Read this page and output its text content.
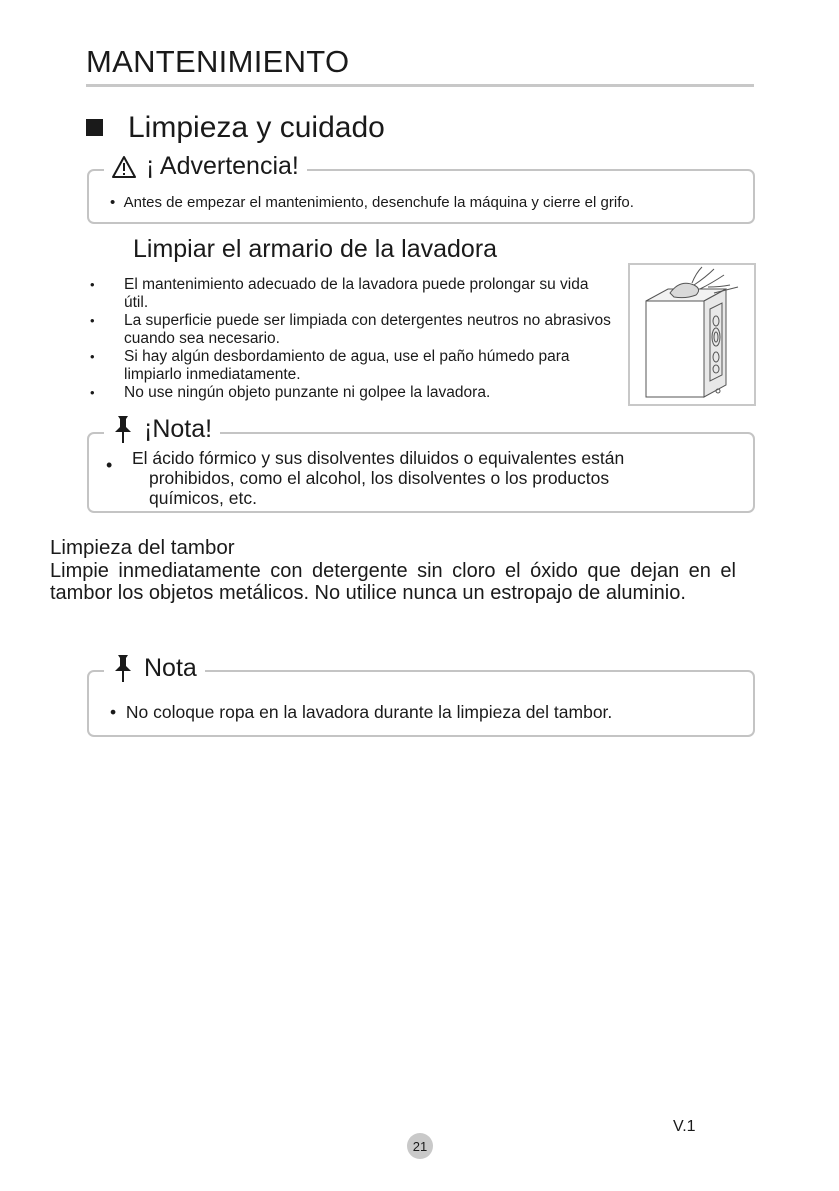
MANTENIMIENTO
Limpieza y cuidado
¡ Advertencia!
•  Antes de empezar el mantenimiento, desenchufe la máquina y cierre el grifo.
Limpiar el armario de la lavadora
• El mantenimiento adecuado de la lavadora puede prolongar su vida útil.
• La superficie puede ser limpiada con detergentes neutros no abrasivos cuando sea necesario.
• Si hay algún desbordamiento de agua, use el paño húmedo para limpiarlo inmediatamente.
• No use ningún objeto punzante ni golpee la lavadora.
¡Nota!
• El ácido fórmico y sus disolventes diluidos o equivalentes están
prohibidos, como el alcohol, los disolventes o los productos
químicos, etc.
Limpieza del tambor
Limpie inmediatamente con detergente sin cloro el óxido que dejan en el tambor los objetos metálicos. No utilice nunca un estropajo de aluminio.
Nota
•  No coloque ropa en la lavadora durante la limpieza del tambor.
V.1
21
